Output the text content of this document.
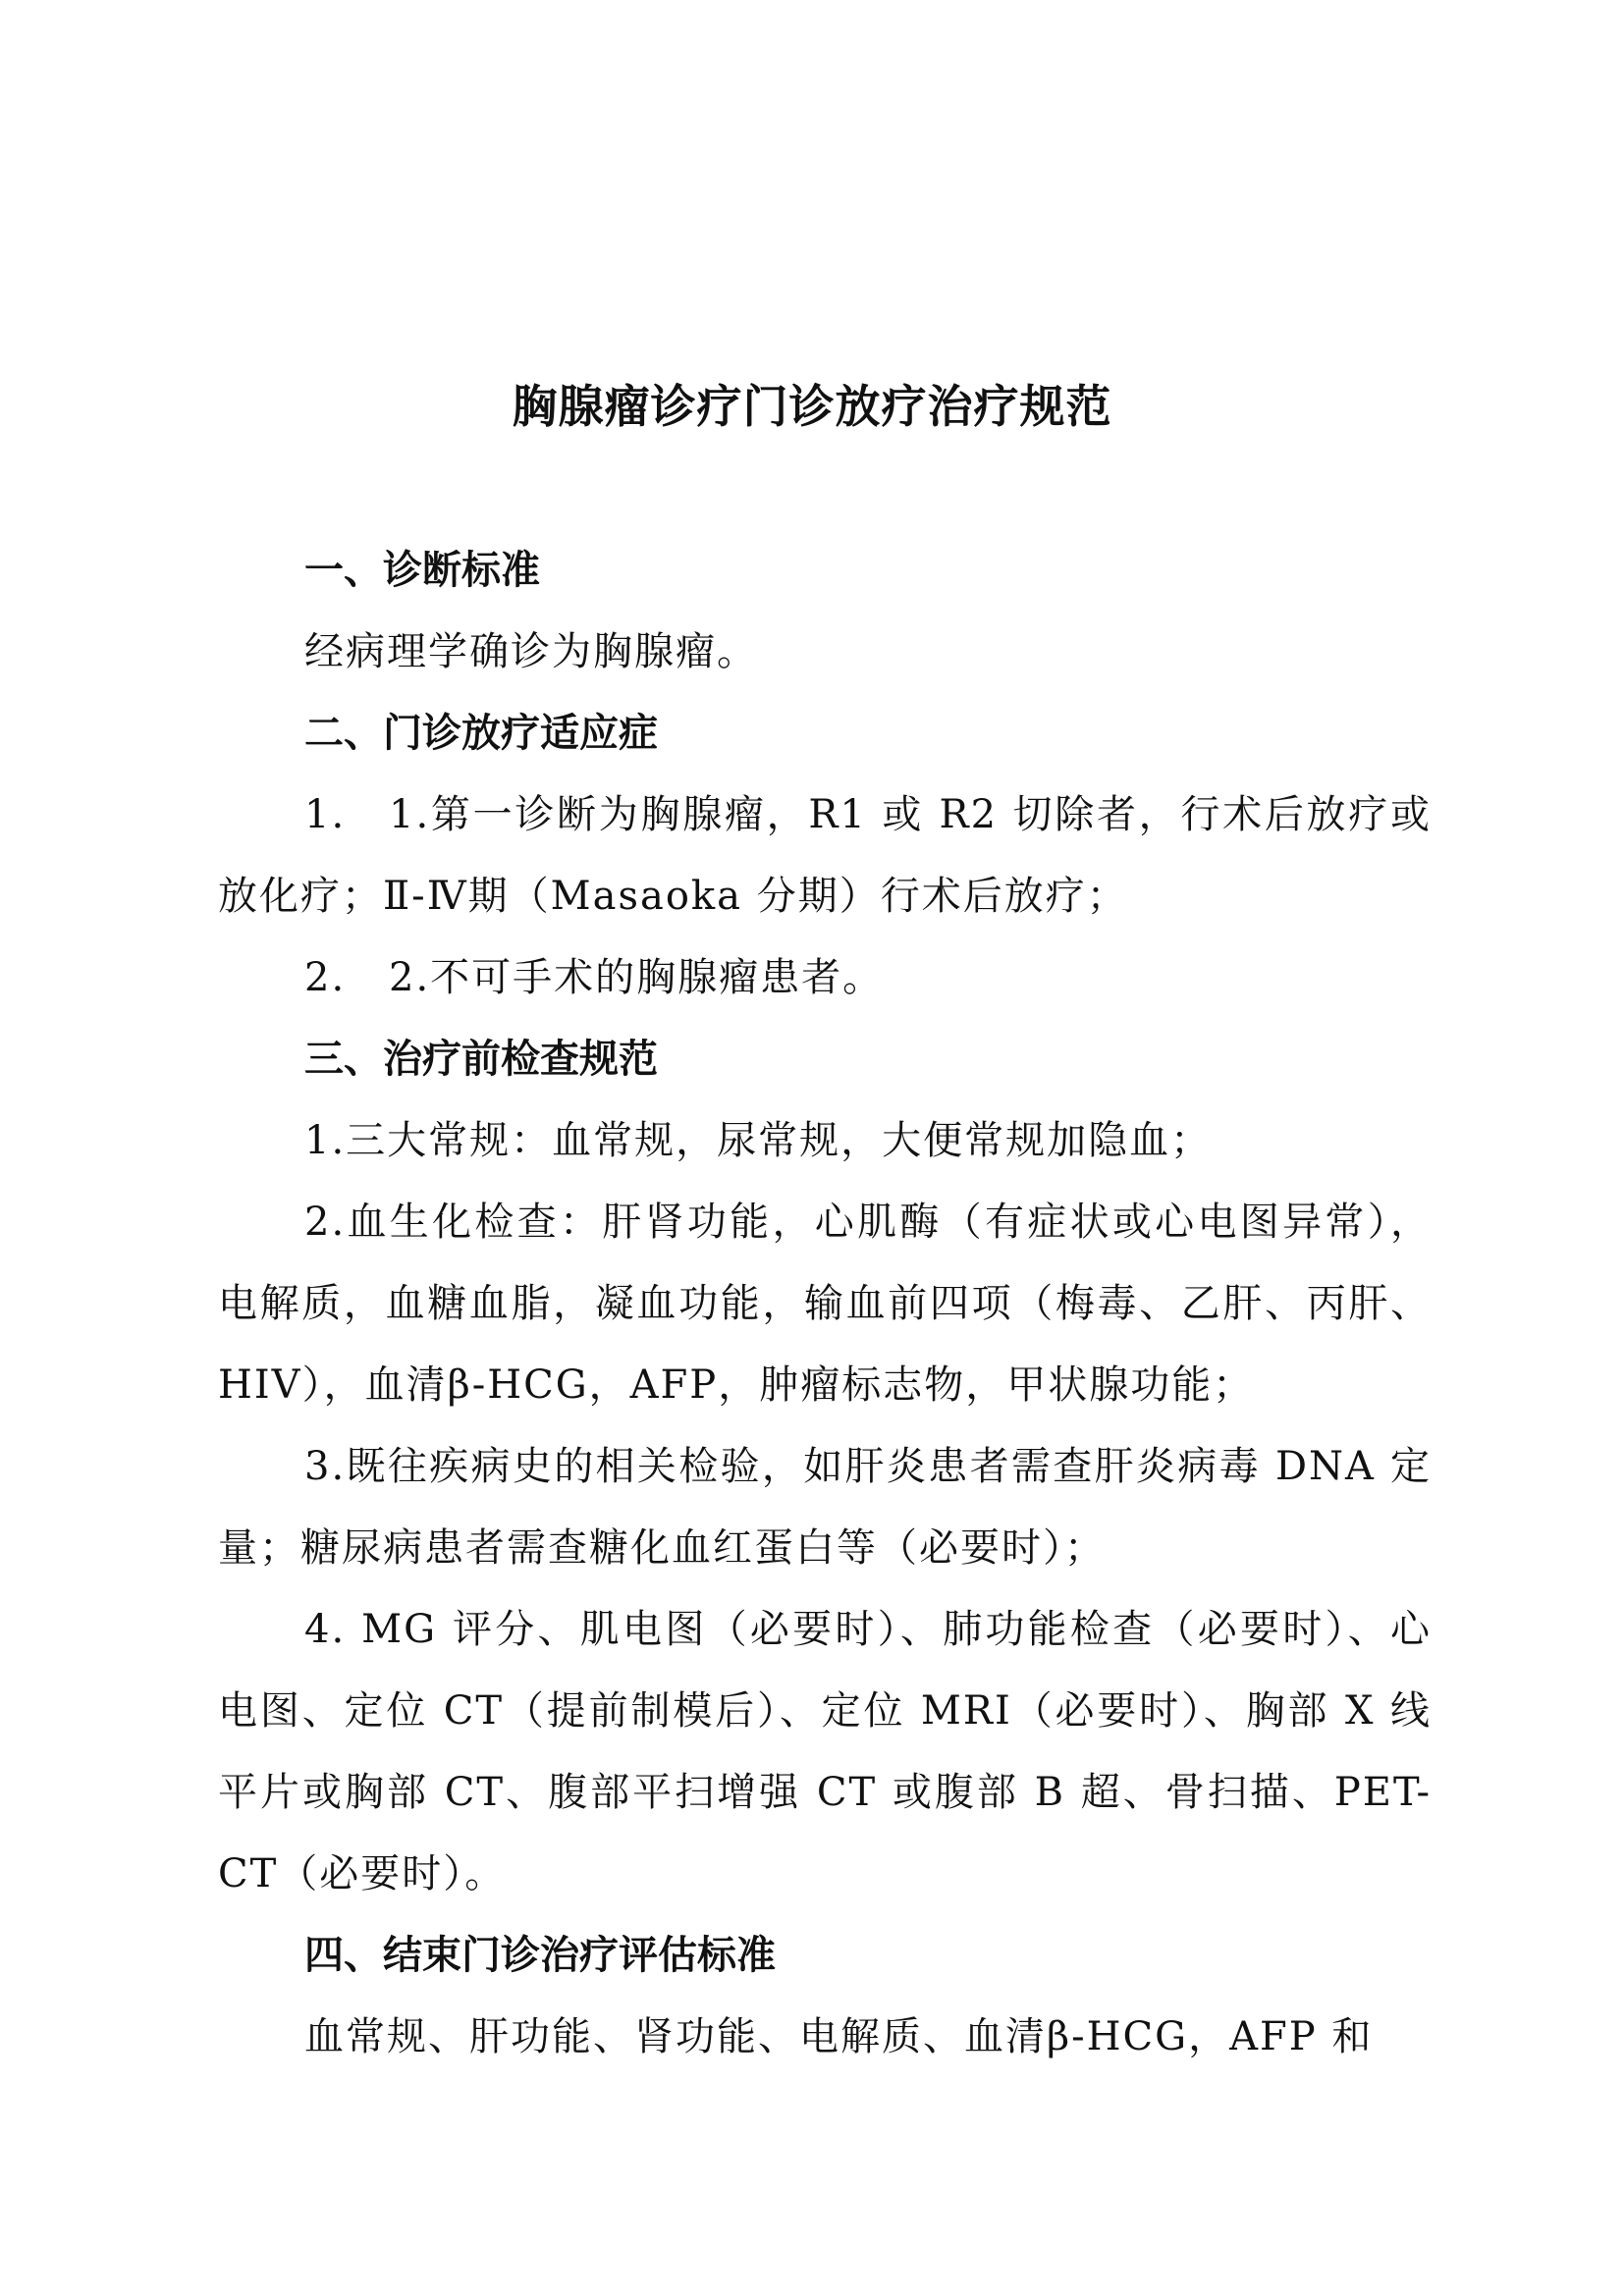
胸腺瘤诊疗门诊放疗治疗规范

一、诊断标准

经病理学确诊为胸腺瘤。

二、门诊放疗适应症

1. 1.第一诊断为胸腺瘤，R1 或 R2 切除者，行术后放疗或放化疗；Ⅱ-Ⅳ期（Masaoka 分期）行术后放疗；

2. 2.不可手术的胸腺瘤患者。

三、治疗前检查规范

1.三大常规：血常规，尿常规，大便常规加隐血；

2.血生化检查：肝肾功能，心肌酶（有症状或心电图异常），电解质，血糖血脂，凝血功能，输血前四项（梅毒、乙肝、丙肝、HIV），血清β-HCG，AFP，肿瘤标志物，甲状腺功能；

3.既往疾病史的相关检验，如肝炎患者需查肝炎病毒 DNA 定量；糖尿病患者需查糖化血红蛋白等（必要时）；

4. MG 评分、肌电图（必要时）、肺功能检查（必要时）、心电图、定位 CT（提前制模后）、定位 MRI（必要时）、胸部 X 线平片或胸部 CT、腹部平扫增强 CT 或腹部 B 超、骨扫描、PET-CT（必要时）。

四、结束门诊治疗评估标准

血常规、肝功能、肾功能、电解质、血清β-HCG，AFP 和
